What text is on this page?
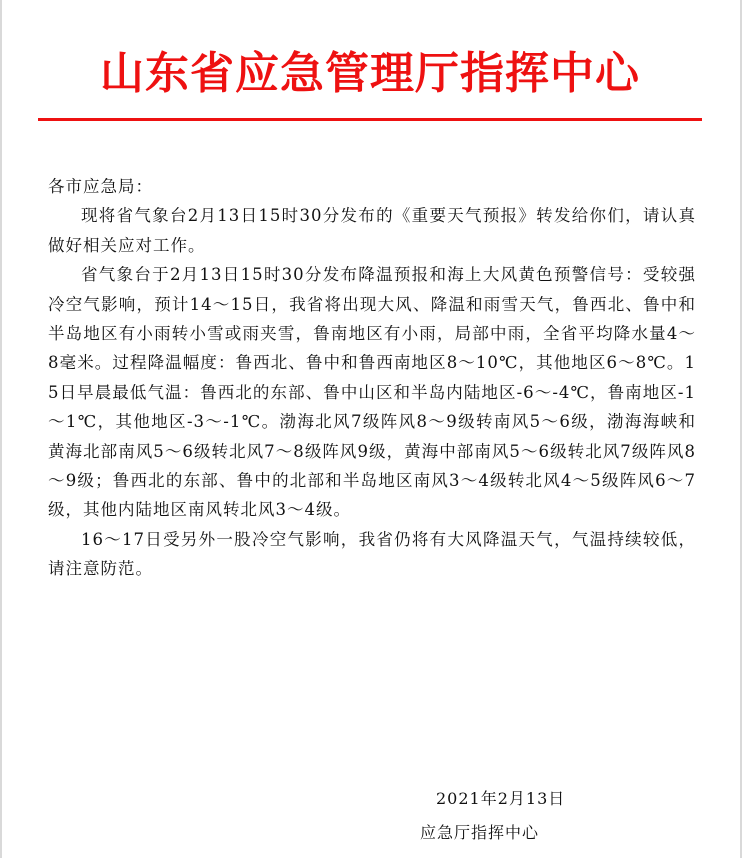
山东省应急管理厅指挥中心

各市应急局：

现将省气象台2月13日15时30分发布的《重要天气预报》转发给你们，请认真做好相关应对工作。

省气象台于2月13日15时30分发布降温预报和海上大风黄色预警信号：受较强冷空气影响，预计14～15日，我省将出现大风、降温和雨雪天气，鲁西北、鲁中和半岛地区有小雨转小雪或雨夹雪，鲁南地区有小雨，局部中雨，全省平均降水量4～8毫米。过程降温幅度：鲁西北、鲁中和鲁西南地区8～10℃，其他地区6～8℃。15日早晨最低气温：鲁西北的东部、鲁中山区和半岛内陆地区-6～-4℃，鲁南地区-1～1℃，其他地区-3～-1℃。渤海北风7级阵风8～9级转南风5～6级，渤海海峡和黄海北部南风5～6级转北风7～8级阵风9级，黄海中部南风5～6级转北风7级阵风8～9级；鲁西北的东部、鲁中的北部和半岛地区南风3～4级转北风4～5级阵风6～7级，其他内陆地区南风转北风3～4级。

16～17日受另外一股冷空气影响，我省仍将有大风降温天气，气温持续较低，请注意防范。

2021年2月13日
应急厅指挥中心
